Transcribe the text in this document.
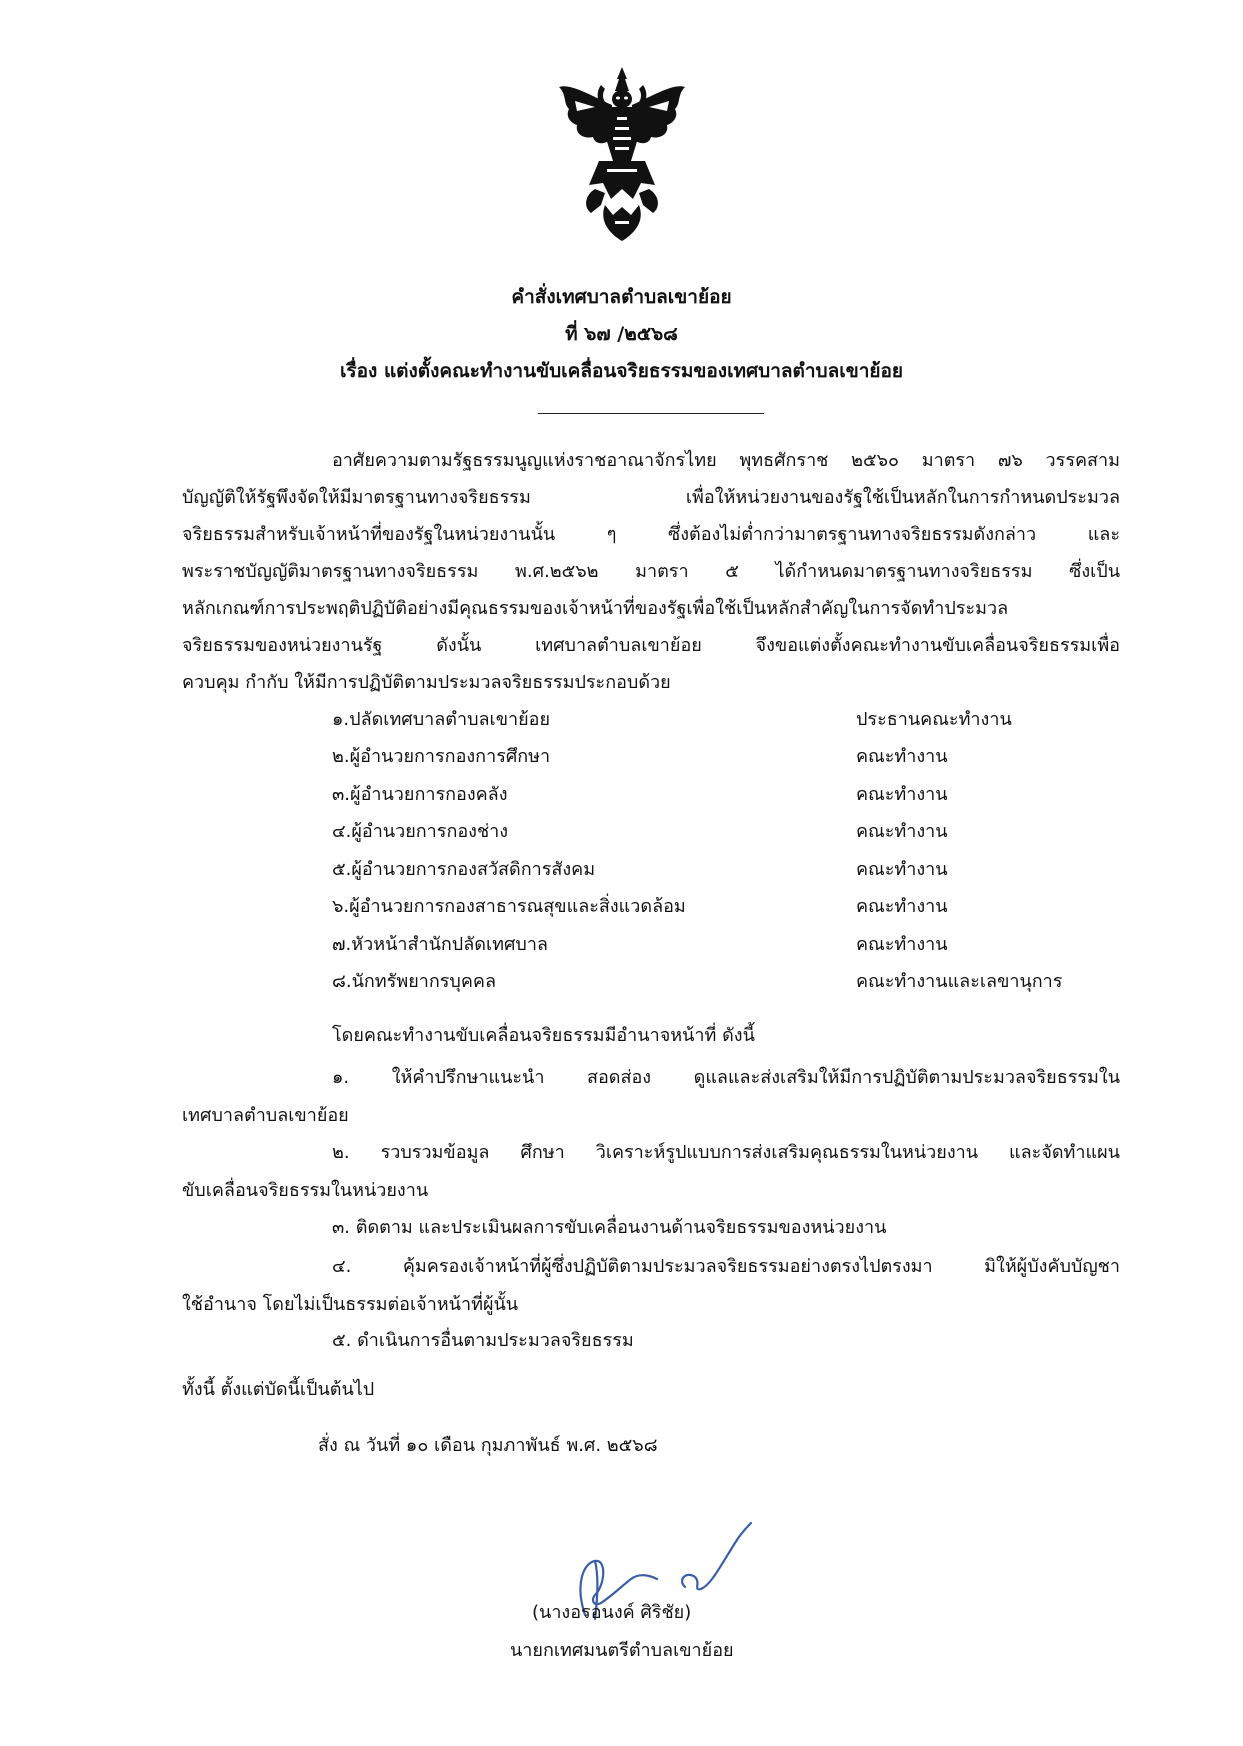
คำสั่งเทศบาลตำบลเขาย้อย
ที่ ๖๗ /๒๕๖๘
เรื่อง แต่งตั้งคณะทำงานขับเคลื่อนจริยธรรมของเทศบาลตำบลเขาย้อย
อาศัยความตามรัฐธรรมนูญแห่งราชอาณาจักรไทย พุทธศักราช ๒๕๖๐ มาตรา ๗๖ วรรคสาม
บัญญัติให้รัฐพึงจัดให้มีมาตรฐานทางจริยธรรม เพื่อให้หน่วยงานของรัฐใช้เป็นหลักในการกำหนดประมวล
จริยธรรมสำหรับเจ้าหน้าที่ของรัฐในหน่วยงานนั้น ๆ ซึ่งต้องไม่ต่ำกว่ามาตรฐานทางจริยธรรมดังกล่าว และ
พระราชบัญญัติมาตรฐานทางจริยธรรม พ.ศ.๒๕๖๒ มาตรา ๕ ได้กำหนดมาตรฐานทางจริยธรรม ซึ่งเป็น
หลักเกณฑ์การประพฤติปฏิบัติอย่างมีคุณธรรมของเจ้าหน้าที่ของรัฐเพื่อใช้เป็นหลักสำคัญในการจัดทำประมวล
จริยธรรมของหน่วยงานรัฐ ดังนั้น เทศบาลตำบลเขาย้อย จึงขอแต่งตั้งคณะทำงานขับเคลื่อนจริยธรรมเพื่อ
ควบคุม กำกับ ให้มีการปฏิบัติตามประมวลจริยธรรมประกอบด้วย
๑.ปลัดเทศบาลตำบลเขาย้อย	ประธานคณะทำงาน
๒.ผู้อำนวยการกองการศึกษา	คณะทำงาน
๓.ผู้อำนวยการกองคลัง	คณะทำงาน
๔.ผู้อำนวยการกองช่าง	คณะทำงาน
๕.ผู้อำนวยการกองสวัสดิการสังคม	คณะทำงาน
๖.ผู้อำนวยการกองสาธารณสุขและสิ่งแวดล้อม	คณะทำงาน
๗.หัวหน้าสำนักปลัดเทศบาล	คณะทำงาน
๘.นักทรัพยากรบุคคล	คณะทำงานและเลขานุการ
โดยคณะทำงานขับเคลื่อนจริยธรรมมีอำนาจหน้าที่ ดังนี้
๑. ให้คำปรึกษาแนะนำ สอดส่อง ดูแลและส่งเสริมให้มีการปฏิบัติตามประมวลจริยธรรมใน
เทศบาลตำบลเขาย้อย
๒. รวบรวมข้อมูล ศึกษา วิเคราะห์รูปแบบการส่งเสริมคุณธรรมในหน่วยงาน และจัดทำแผน
ขับเคลื่อนจริยธรรมในหน่วยงาน
๓. ติดตาม และประเมินผลการขับเคลื่อนงานด้านจริยธรรมของหน่วยงาน
๔. คุ้มครองเจ้าหน้าที่ผู้ซึ่งปฏิบัติตามประมวลจริยธรรมอย่างตรงไปตรงมา มิให้ผู้บังคับบัญชา
ใช้อำนาจ โดยไม่เป็นธรรมต่อเจ้าหน้าที่ผู้นั้น
๕. ดำเนินการอื่นตามประมวลจริยธรรม
ทั้งนี้ ตั้งแต่บัดนี้เป็นต้นไป
สั่ง ณ วันที่ ๑๐ เดือน กุมภาพันธ์ พ.ศ. ๒๕๖๘
(นางอรอนงค์ ศิริชัย)
นายกเทศมนตรีตำบลเขาย้อย
